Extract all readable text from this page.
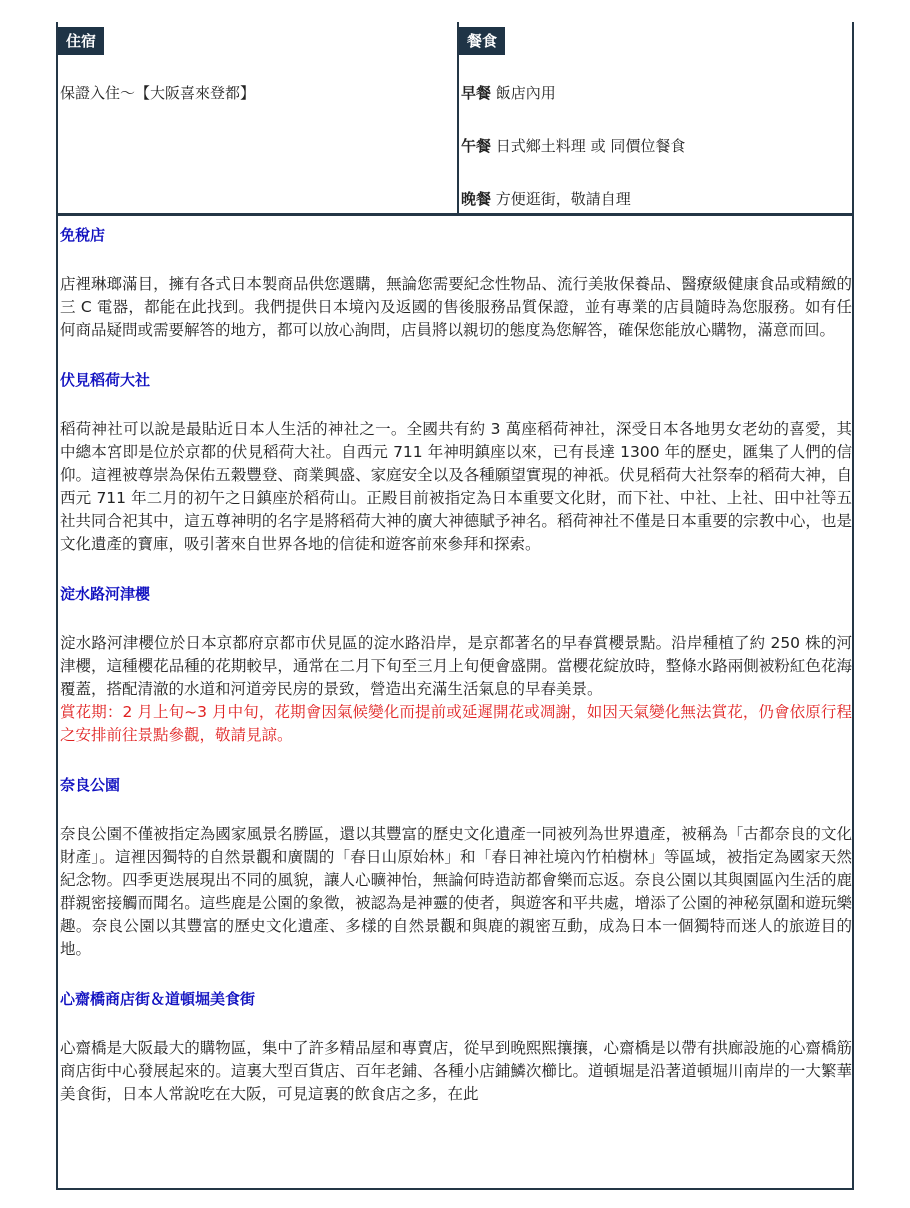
住宿
保證入住～【大阪喜來登都】
餐食
早餐 飯店內用
午餐 日式鄉土料理 或 同價位餐食
晚餐 方便逛街，敬請自理
免稅店

店裡琳瑯滿目，擁有各式日本製商品供您選購，無論您需要紀念性物品、流行美妝保養品、醫療級健康食品或精緻的三 C 電器，都能在此找到。我們提供日本境內及返國的售後服務品質保證，並有專業的店員隨時為您服務。如有任何商品疑問或需要解答的地方，都可以放心詢問，店員將以親切的態度為您解答，確保您能放心購物，滿意而回。

伏見稻荷大社

稻荷神社可以說是最貼近日本人生活的神社之一。全國共有約 3 萬座稻荷神社，深受日本各地男女老幼的喜愛，其中總本宮即是位於京都的伏見稻荷大社。自西元 711 年神明鎮座以來，已有長達 1300 年的歷史，匯集了人們的信仰。這裡被尊崇為保佑五穀豐登、商業興盛、家庭安全以及各種願望實現的神祇。伏見稻荷大社祭奉的稻荷大神，自西元 711 年二月的初午之日鎮座於稻荷山。正殿目前被指定為日本重要文化財，而下社、中社、上社、田中社等五社共同合祀其中，這五尊神明的名字是將稻荷大神的廣大神德賦予神名。稻荷神社不僅是日本重要的宗教中心，也是文化遺產的寶庫，吸引著來自世界各地的信徒和遊客前來參拜和探索。

淀水路河津櫻

淀水路河津櫻位於日本京都府京都市伏見區的淀水路沿岸，是京都著名的早春賞櫻景點。沿岸種植了約 250 株的河津櫻，這種櫻花品種的花期較早，通常在二月下旬至三月上旬便會盛開。當櫻花綻放時，整條水路兩側被粉紅色花海覆蓋，搭配清澈的水道和河道旁民房的景致，營造出充滿生活氣息的早春美景。

賞花期：2 月上旬~3 月中旬，花期會因氣候變化而提前或延遲開花或凋謝，如因天氣變化無法賞花，仍會依原行程之安排前往景點參觀，敬請見諒。

奈良公園

奈良公園不僅被指定為國家風景名勝區，還以其豐富的歷史文化遺產一同被列為世界遺產，被稱為「古都奈良的文化財產」。這裡因獨特的自然景觀和廣闊的「春日山原始林」和「春日神社境內竹柏樹林」等區域，被指定為國家天然紀念物。四季更迭展現出不同的風貌，讓人心曠神怡，無論何時造訪都會樂而忘返。奈良公園以其與園區內生活的鹿群親密接觸而聞名。這些鹿是公園的象徵，被認為是神靈的使者，與遊客和平共處，增添了公園的神秘氛圍和遊玩樂趣。奈良公園以其豐富的歷史文化遺產、多樣的自然景觀和與鹿的親密互動，成為日本一個獨特而迷人的旅遊目的地。

心齋橋商店街＆道頓堀美食街

心齋橋是大阪最大的購物區，集中了許多精品屋和專賣店，從早到晚熙熙攘攘，心齋橋是以帶有拱廊設施的心齋橋筋商店街中心發展起來的。這裏大型百貨店、百年老鋪、各種小店鋪鱗次櫛比。道頓堀是沿著道頓堀川南岸的一大繁華美食街，日本人常說吃在大阪，可見這裏的飲食店之多，在此
